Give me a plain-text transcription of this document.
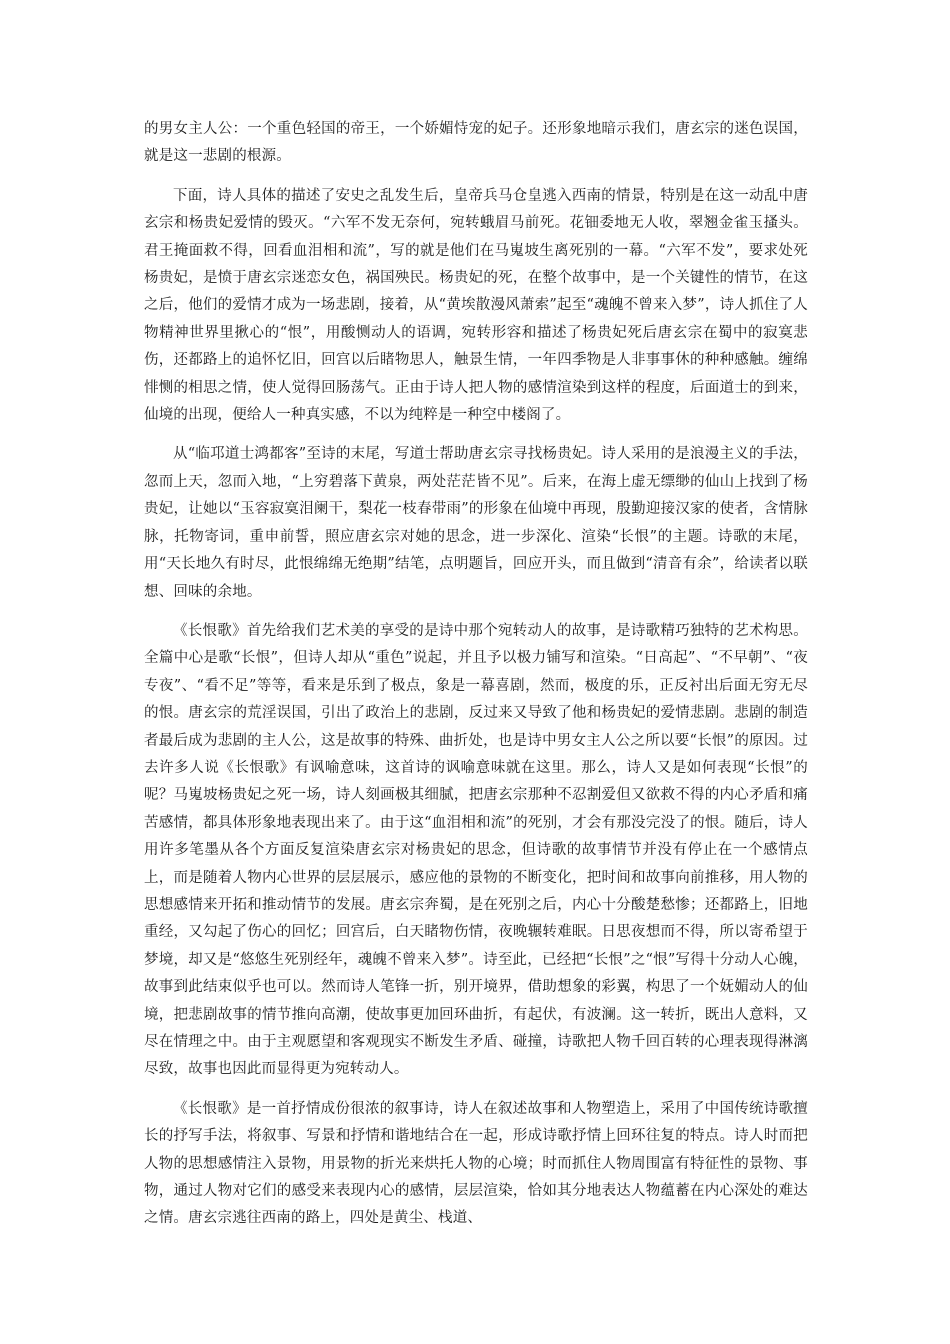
的男女主人公：一个重色轻国的帝王，一个娇媚恃宠的妃子。还形象地暗示我们，唐玄宗的迷色误国，就是这一悲剧的根源。

下面，诗人具体的描述了安史之乱发生后，皇帝兵马仓皇逃入西南的情景，特别是在这一动乱中唐玄宗和杨贵妃爱情的毁灭。“六军不发无奈何，宛转蛾眉马前死。花钿委地无人收，翠翘金雀玉搔头。君王掩面救不得，回看血泪相和流”，写的就是他们在马嵬坡生离死别的一幕。“六军不发”，要求处死杨贵妃，是愤于唐玄宗迷恋女色，祸国殃民。杨贵妃的死，在整个故事中，是一个关键性的情节，在这之后，他们的爱情才成为一场悲剧，接着，从“黄埃散漫风萧索”起至“魂魄不曾来入梦”，诗人抓住了人物精神世界里揪心的“恨”，用酸恻动人的语调，宛转形容和描述了杨贵妃死后唐玄宗在蜀中的寂寞悲伤，还都路上的追怀忆旧，回宫以后睹物思人，触景生情，一年四季物是人非事事休的种种感触。缠绵悱恻的相思之情，使人觉得回肠荡气。正由于诗人把人物的感情渲染到这样的程度，后面道士的到来，仙境的出现，便给人一种真实感，不以为纯粹是一种空中楼阁了。

从“临邛道士鸿都客”至诗的末尾，写道士帮助唐玄宗寻找杨贵妃。诗人采用的是浪漫主义的手法，忽而上天，忽而入地，“上穷碧落下黄泉，两处茫茫皆不见”。后来，在海上虚无缥缈的仙山上找到了杨贵妃，让她以“玉容寂寞泪阑干，梨花一枝春带雨”的形象在仙境中再现，殷勤迎接汉家的使者，含情脉脉，托物寄词，重申前誓，照应唐玄宗对她的思念，进一步深化、渲染“长恨”的主题。诗歌的末尾，用“天长地久有时尽，此恨绵绵无绝期”结笔，点明题旨，回应开头，而且做到“清音有余”，给读者以联想、回味的余地。

《长恨歌》首先给我们艺术美的享受的是诗中那个宛转动人的故事，是诗歌精巧独特的艺术构思。全篇中心是歌“长恨”，但诗人却从“重色”说起，并且予以极力铺写和渲染。“日高起”、“不早朝”、“夜专夜”、“看不足”等等，看来是乐到了极点，象是一幕喜剧，然而，极度的乐，正反衬出后面无穷无尽的恨。唐玄宗的荒淫误国，引出了政治上的悲剧，反过来又导致了他和杨贵妃的爱情悲剧。悲剧的制造者最后成为悲剧的主人公，这是故事的特殊、曲折处，也是诗中男女主人公之所以要“长恨”的原因。过去许多人说《长恨歌》有讽喻意味，这首诗的讽喻意味就在这里。那么，诗人又是如何表现“长恨”的呢？马嵬坡杨贵妃之死一场，诗人刻画极其细腻，把唐玄宗那种不忍割爱但又欲救不得的内心矛盾和痛苦感情，都具体形象地表现出来了。由于这“血泪相和流”的死别，才会有那没完没了的恨。随后，诗人用许多笔墨从各个方面反复渲染唐玄宗对杨贵妃的思念，但诗歌的故事情节并没有停止在一个感情点上，而是随着人物内心世界的层层展示，感应他的景物的不断变化，把时间和故事向前推移，用人物的思想感情来开拓和推动情节的发展。唐玄宗奔蜀，是在死别之后，内心十分酸楚愁惨；还都路上，旧地重经，又勾起了伤心的回忆；回宫后，白天睹物伤情，夜晚辗转难眠。日思夜想而不得，所以寄希望于梦境，却又是“悠悠生死别经年，魂魄不曾来入梦”。诗至此，已经把“长恨”之“恨”写得十分动人心魄，故事到此结束似乎也可以。然而诗人笔锋一折，别开境界，借助想象的彩翼，构思了一个妩媚动人的仙境，把悲剧故事的情节推向高潮，使故事更加回环曲折，有起伏，有波澜。这一转折，既出人意料，又尽在情理之中。由于主观愿望和客观现实不断发生矛盾、碰撞，诗歌把人物千回百转的心理表现得淋漓尽致，故事也因此而显得更为宛转动人。

《长恨歌》是一首抒情成份很浓的叙事诗，诗人在叙述故事和人物塑造上，采用了中国传统诗歌擅长的抒写手法，将叙事、写景和抒情和谐地结合在一起，形成诗歌抒情上回环往复的特点。诗人时而把人物的思想感情注入景物，用景物的折光来烘托人物的心境；时而抓住人物周围富有特征性的景物、事物，通过人物对它们的感受来表现内心的感情，层层渲染，恰如其分地表达人物蕴蓄在内心深处的难达之情。唐玄宗逃往西南的路上，四处是黄尘、栈道、
